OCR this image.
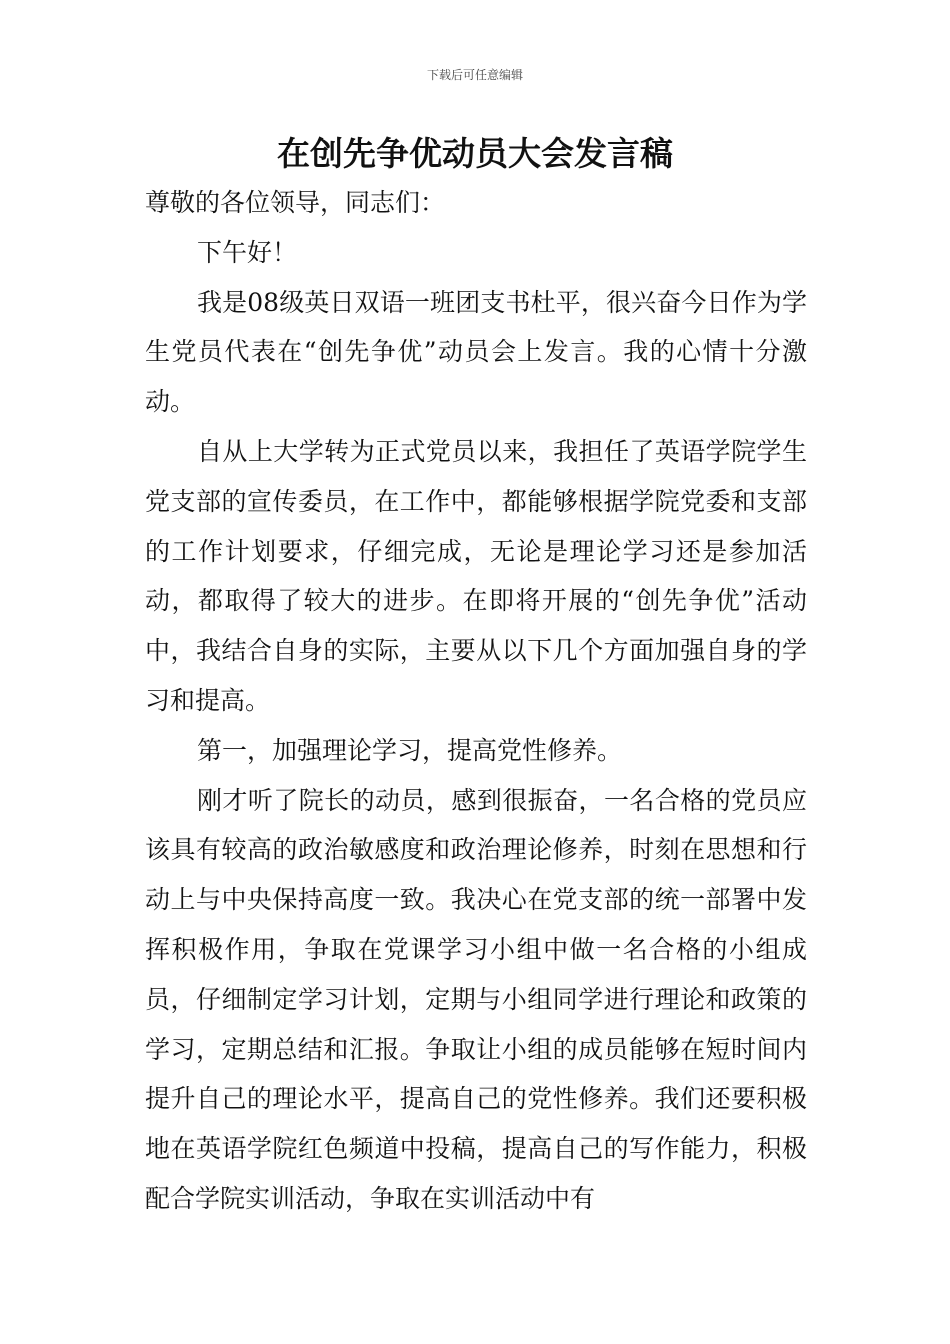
下载后可任意编辑
在创先争优动员大会发言稿

尊敬的各位领导，同志们：

下午好！

我是08级英日双语一班团支书杜平，很兴奋今日作为学生党员代表在“创先争优”动员会上发言。我的心情十分激动。

自从上大学转为正式党员以来，我担任了英语学院学生党支部的宣传委员，在工作中，都能够根据学院党委和支部的工作计划要求，仔细完成，无论是理论学习还是参加活动，都取得了较大的进步。在即将开展的“创先争优”活动中，我结合自身的实际，主要从以下几个方面加强自身的学习和提高。

第一，加强理论学习，提高党性修养。

刚才听了院长的动员，感到很振奋，一名合格的党员应该具有较高的政治敏感度和政治理论修养，时刻在思想和行动上与中央保持高度一致。我决心在党支部的统一部署中发挥积极作用，争取在党课学习小组中做一名合格的小组成员，仔细制定学习计划，定期与小组同学进行理论和政策的学习，定期总结和汇报。争取让小组的成员能够在短时间内提升自己的理论水平，提高自己的党性修养。我们还要积极地在英语学院红色频道中投稿，提高自己的写作能力，积极配合学院实训活动，争取在实训活动中有
